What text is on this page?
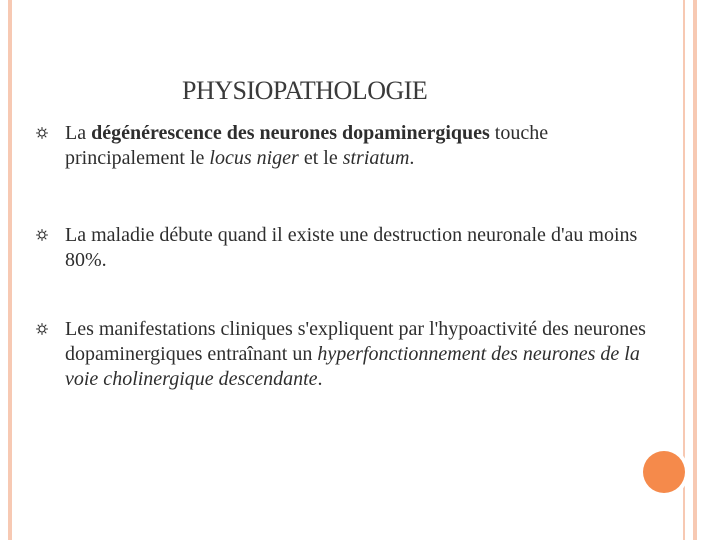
PHYSIOPATHOLOGIE
La dégénérescence des neurones dopaminergiques touche principalement le locus niger et le striatum.
La maladie débute quand il existe une destruction neuronale d'au moins 80%.
Les manifestations cliniques s'expliquent par l'hypoactivité des neurones dopaminergiques entraînant un hyperfonctionnement des neurones de la voie cholinergique descendante.
